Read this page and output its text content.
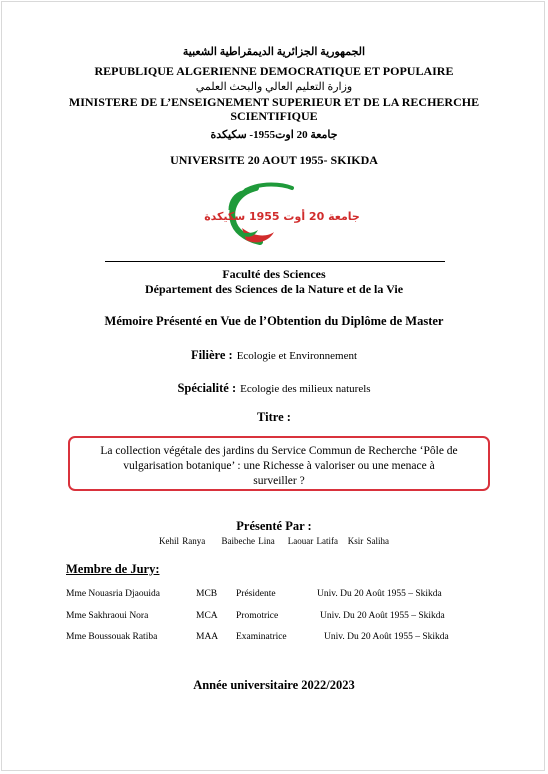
الجمهورية الجزائرية الديمقراطية الشعبية
REPUBLIQUE ALGERIENNE DEMOCRATIQUE ET POPULAIRE
وزارة التعليم العالي والبحث العلمي
MINISTERE DE L’ENSEIGNEMENT SUPERIEUR ET DE LA RECHERCHE
SCIENTIFIQUE
جامعة 20 اوت1955- سكيكدة
UNIVERSITE 20 AOUT 1955- SKIKDA
جامعة 20 أوت 1955 سكيكدة
Faculté des Sciences
Département des Sciences de la Nature et de la Vie
Mémoire Présenté en Vue de l’Obtention du Diplôme de Master
Filière : Ecologie et Environnement
Spécialité : Ecologie des milieux naturels
Titre :
La collection végétale des jardins du Service Commun de Recherche ‘Pôle de
vulgarisation botanique’ : une Richesse à valoriser ou une menace à
surveiller ?
Présenté Par :
Kehil Ranya Baibeche Lina Laouar Latifa Ksir Saliha
Membre de Jury:
Mme Nouasria Djaouida	MCB Présidente	Univ. Du 20 Août 1955 – Skikda
Mme Sakhraoui Nora	MCA Promotrice	Univ. Du 20 Août 1955 – Skikda
Mme Boussouak Ratiba	MAA Examinatrice	Univ. Du 20 Août 1955 – Skikda
Année universitaire 2022/2023
